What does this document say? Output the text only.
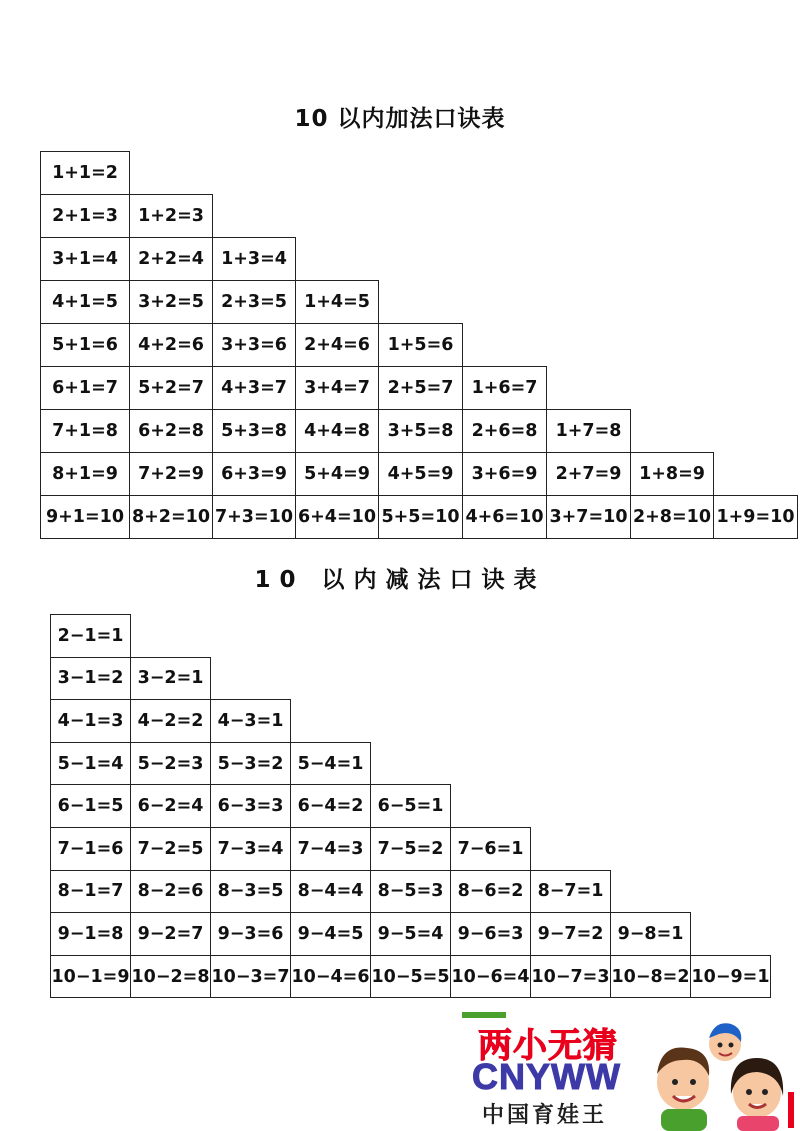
10 以内加法口诀表
1+1=2
2+1=3	1+2=3
3+1=4	2+2=4 1+3=4
4+1=5	3+2=5 2+3=5 1+4=5
5+1=6	4+2=6 3+3=6 2+4=6	1+5=6
6+1=7	5+2=7 4+3=7 3+4=7	2+5=7	1+6=7
7+1=8	6+2=8 5+3=8 4+4=8	3+5=8	2+6=8	1+7=8
8+1=9	7+2=9 6+3=9 5+4=9	4+5=9	3+6=9	2+7=9	1+8=9
9+1=10 8+2=10 7+3=10 6+4=10 5+5=10 4+6=10 3+7=10 2+8=10 1+9=10
10 以内减法口诀表
2−1=1
3−1=2 3−2=1
4−1=3 4−2=2 4−3=1
5−1=4 5−2=3 5−3=2 5−4=1
6−1=5 6−2=4 6−3=3 6−4=2 6−5=1
7−1=6 7−2=5 7−3=4 7−4=3 7−5=2 7−6=1
8−1=7 8−2=6 8−3=5 8−4=4 8−5=3 8−6=2 8−7=1
9−1=8 9−2=7 9−3=6 9−4=5 9−5=4 9−6=3 9−7=2 9−8=1
10−1=9 10−2=8 10−3=7 10−4=6 10−5=5 10−6=4 10−7=3 10−8=2 10−9=1
两小无猜
CNYWW
中国育娃王
